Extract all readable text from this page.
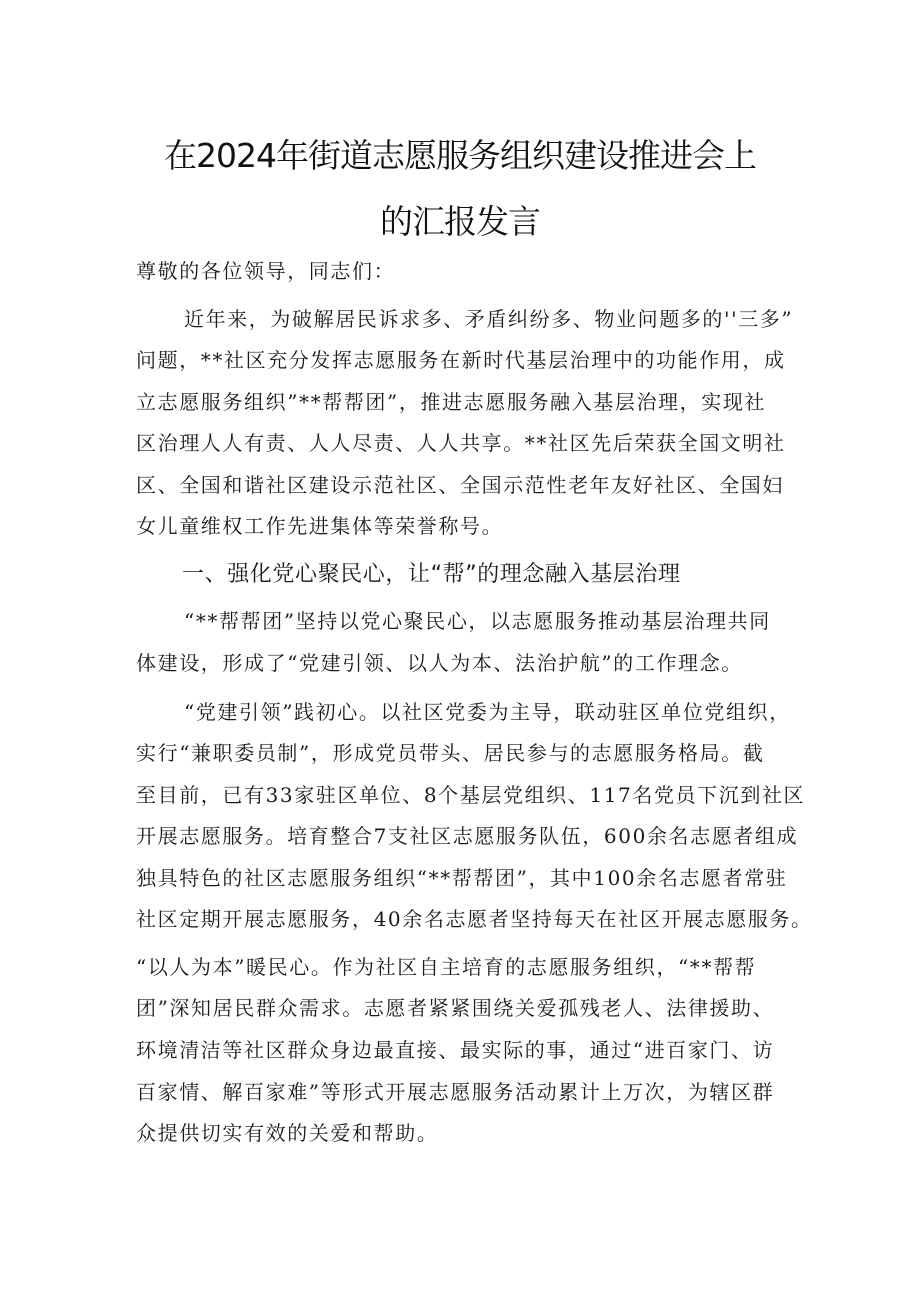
在2024年街道志愿服务组织建设推进会上
的汇报发言
尊敬的各位领导，同志们：
近年来，为破解居民诉求多、矛盾纠纷多、物业问题多的''三多”
问题，**社区充分发挥志愿服务在新时代基层治理中的功能作用，成
立志愿服务组织”**帮帮团”，推进志愿服务融入基层治理，实现社
区治理人人有责、人人尽责、人人共享。**社区先后荣获全国文明社
区、全国和谐社区建设示范社区、全国示范性老年友好社区、全国妇
女儿童维权工作先进集体等荣誉称号。
一、强化党心聚民心，让“帮”的理念融入基层治理
“**帮帮团”坚持以党心聚民心，以志愿服务推动基层治理共同
体建设，形成了“党建引领、以人为本、法治护航”的工作理念。
“党建引领”践初心。以社区党委为主导，联动驻区单位党组织，
实行“兼职委员制”，形成党员带头、居民参与的志愿服务格局。截
至目前，已有33家驻区单位、8个基层党组织、117名党员下沉到社区
开展志愿服务。培育整合7支社区志愿服务队伍，600余名志愿者组成
独具特色的社区志愿服务组织“**帮帮团”，其中100余名志愿者常驻
社区定期开展志愿服务，40余名志愿者坚持每天在社区开展志愿服务。
“以人为本”暖民心。作为社区自主培育的志愿服务组织，“**帮帮
团”深知居民群众需求。志愿者紧紧围绕关爱孤残老人、法律援助、
环境清洁等社区群众身边最直接、最实际的事，通过“进百家门、访
百家情、解百家难”等形式开展志愿服务活动累计上万次，为辖区群
众提供切实有效的关爱和帮助。
